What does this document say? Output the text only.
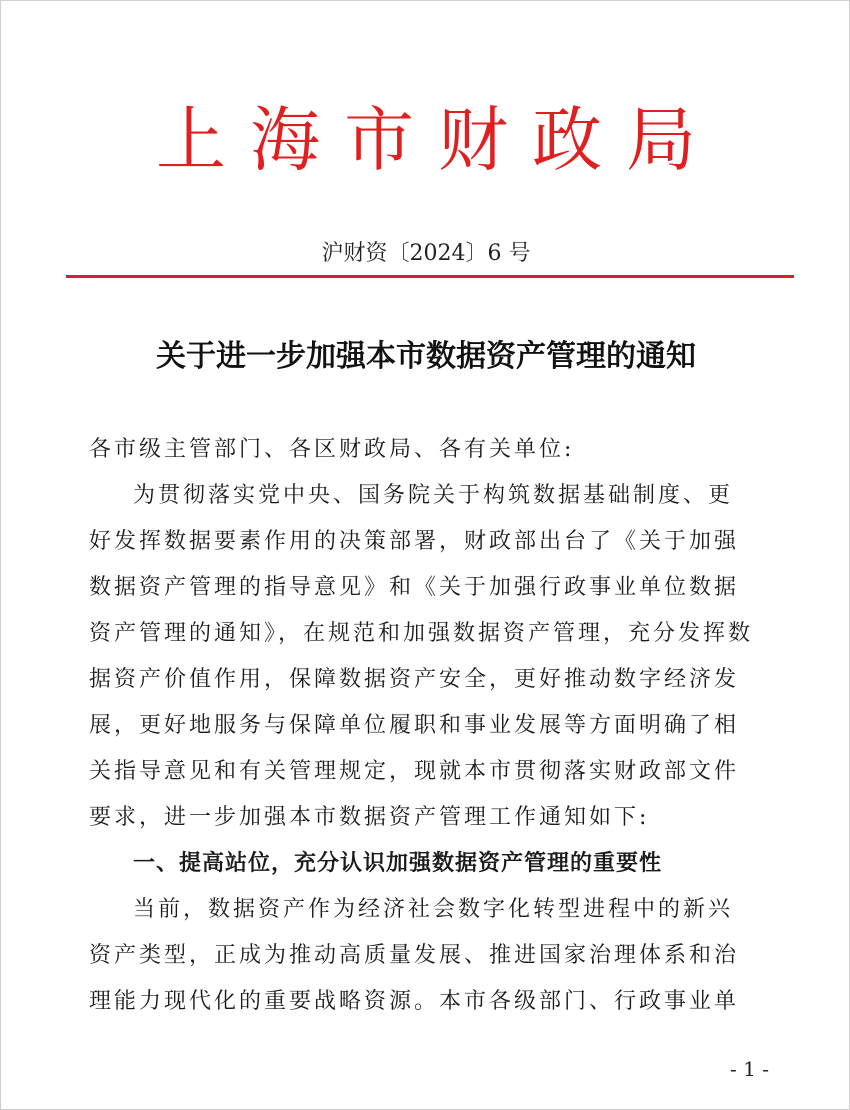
上海市财政局
沪财资〔2024〕6 号
关于进一步加强本市数据资产管理的通知
各市级主管部门、各区财政局、各有关单位:
为贯彻落实党中央、国务院关于构筑数据基础制度、更
好发挥数据要素作用的决策部署，财政部出台了《关于加强
数据资产管理的指导意见》和《关于加强行政事业单位数据
资产管理的通知》，在规范和加强数据资产管理，充分发挥数
据资产价值作用，保障数据资产安全，更好推动数字经济发
展，更好地服务与保障单位履职和事业发展等方面明确了相
关指导意见和有关管理规定，现就本市贯彻落实财政部文件
要求，进一步加强本市数据资产管理工作通知如下:
一、提高站位，充分认识加强数据资产管理的重要性
当前，数据资产作为经济社会数字化转型进程中的新兴
资产类型，正成为推动高质量发展、推进国家治理体系和治
理能力现代化的重要战略资源。本市各级部门、行政事业单
- 1 -
